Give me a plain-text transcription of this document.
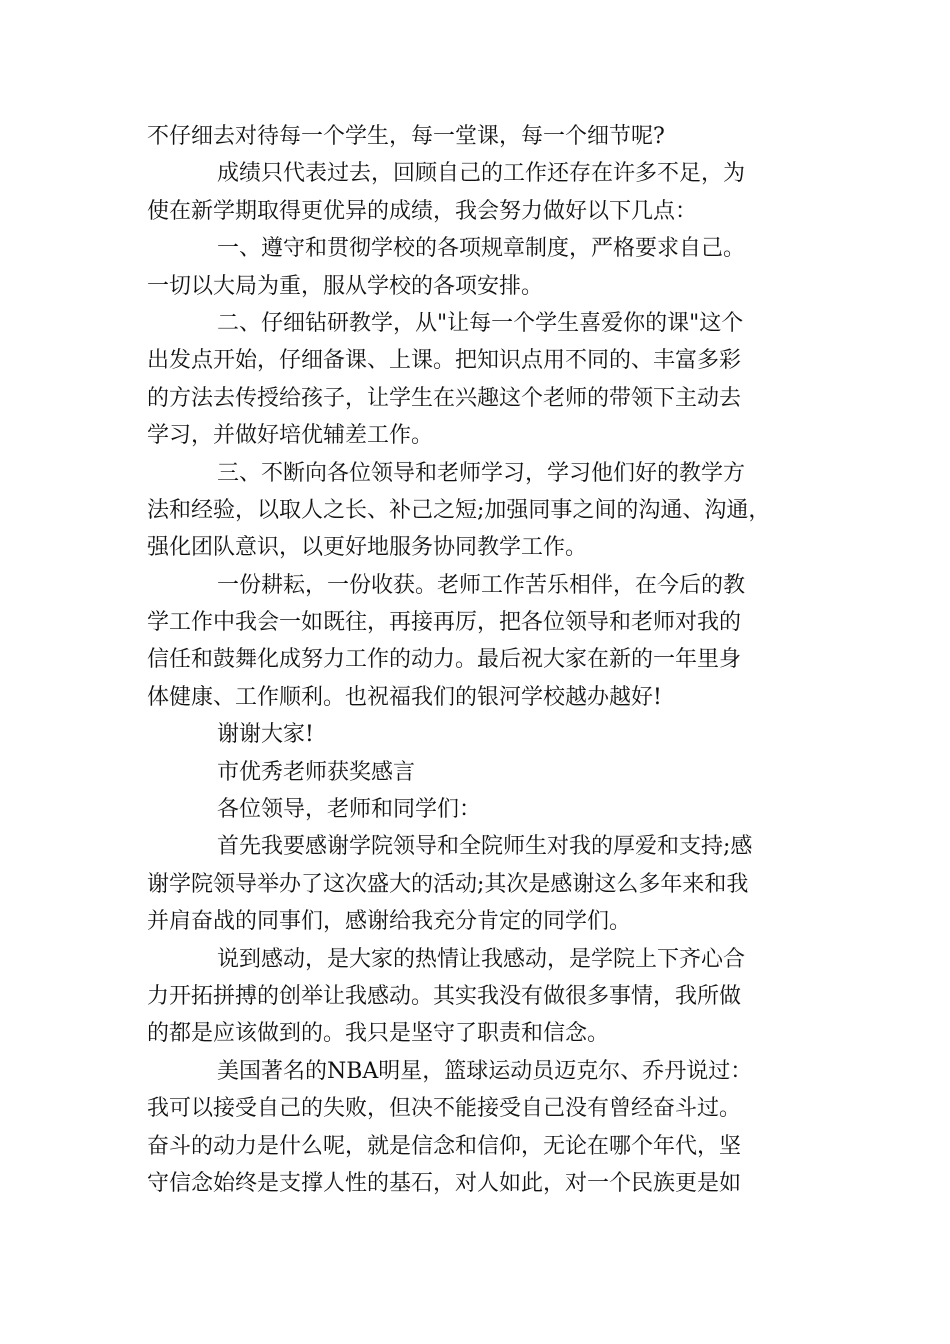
不仔细去对待每一个学生，每一堂课，每一个细节呢?
成绩只代表过去，回顾自己的工作还存在许多不足，为
使在新学期取得更优异的成绩，我会努力做好以下几点：
一、遵守和贯彻学校的各项规章制度，严格要求自己。
一切以大局为重，服从学校的各项安排。
二、仔细钻研教学，从"让每一个学生喜爱你的课"这个
出发点开始，仔细备课、上课。把知识点用不同的、丰富多彩
的方法去传授给孩子，让学生在兴趣这个老师的带领下主动去
学习，并做好培优辅差工作。
三、不断向各位领导和老师学习，学习他们好的教学方
法和经验，以取人之长、补己之短;加强同事之间的沟通、沟通，
强化团队意识，以更好地服务协同教学工作。
一份耕耘，一份收获。老师工作苦乐相伴，在今后的教
学工作中我会一如既往，再接再厉，把各位领导和老师对我的
信任和鼓舞化成努力工作的动力。最后祝大家在新的一年里身
体健康、工作顺利。也祝福我们的银河学校越办越好!
谢谢大家!
市优秀老师获奖感言
各位领导，老师和同学们：
首先我要感谢学院领导和全院师生对我的厚爱和支持;感
谢学院领导举办了这次盛大的活动;其次是感谢这么多年来和我
并肩奋战的同事们，感谢给我充分肯定的同学们。
说到感动，是大家的热情让我感动，是学院上下齐心合
力开拓拼搏的创举让我感动。其实我没有做很多事情，我所做
的都是应该做到的。我只是坚守了职责和信念。
美国著名的NBA明星，篮球运动员迈克尔、乔丹说过：
我可以接受自己的失败，但决不能接受自己没有曾经奋斗过。
奋斗的动力是什么呢，就是信念和信仰，无论在哪个年代，坚
守信念始终是支撑人性的基石，对人如此，对一个民族更是如
